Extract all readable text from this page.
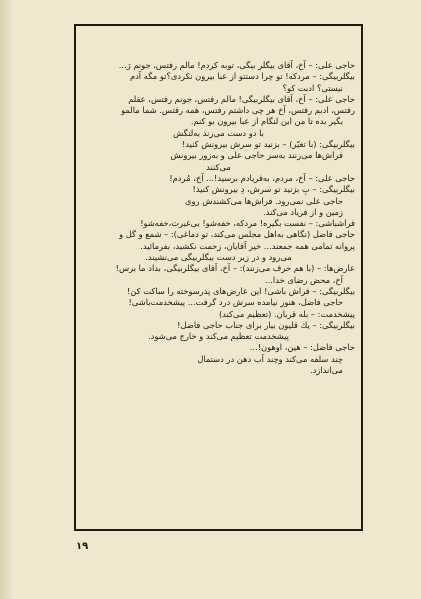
حاجی علی: – آخ، آقای بیگلر بیگی، توبه کردم! مالم رفتس، جونم رَ...
بیگلربیگی: – مردکه! تو چرا دستتو از عبا بیرون نکردی؟تو مگه آدم
نیستی؟ ادبت کو؟
حاجی علی: – آخ، آقای بیگلربیگی! مالم رفتس، جونم رفتس، عقلم
رفتس، ادبم رفتس، آخ هر چی داشتم رفتس، همه رفتس. شما مالمو
بگیر بده تا من این لنگام از عبا بیرون بو کنم.
با دو دست می‌زند به‌لنگش
بیگلربیگی: (با تغیّر) – بزنید تو سرش بیرونش کنید!
فراش‌ها می‌زنند به‌سر حاجی علی و به‌زور بیرونش
می‌کنند
حاجی علی: – آخ، مردم، به‌فریادم برسید!... آخ، مُردم!
بیگلربیگی: – بِ بزنید تو سرش، دِ بیرونش کنید!
حاجی علی نمی‌رود. فراش‌ها می‌کشندش روی
زمین و از فریاد می‌کند.
فراشباشی: – نفست بگیره! مردکه، خفه‌شو! بی‌غیرت،خفه‌شو!
حاجی فاضل (نگاهی به‌اهل مجلس می‌کند، تو دماغی): – شمع و گل و
پروانه تمامی همه جمعند... خیر آقایان، زحمت نکشید، بفرمائید.
می‌رود و در زیر دست بیگلربیگی می‌نشیند.
عارض‌ها: – (با هم حرف می‌زنند): – آخ، آقای بیگلربیگی، بداد ما برس!
آخ، محض رضای خدا...
بیگلربیگی: – فراش باشی! این عارض‌های پدرسوخته را ساکت کن!
حاجی فاضل، هنوز نیامده سرش درد گرفت... پیشخدمت‌باشی!
پیشخدمت: – بله قربان. (تعظیم می‌کند)
بیگلربیگی: – یك قلیون بیار برای جناب حاجی فاضل!
پیشخدمت تعظیم می‌کند و خارج می‌شود.
حاجی فاضل: – هین، اوهون!...
چند سلفه می‌کند وچند آب دهن در دستمال
می‌اندازد.
۱۹
